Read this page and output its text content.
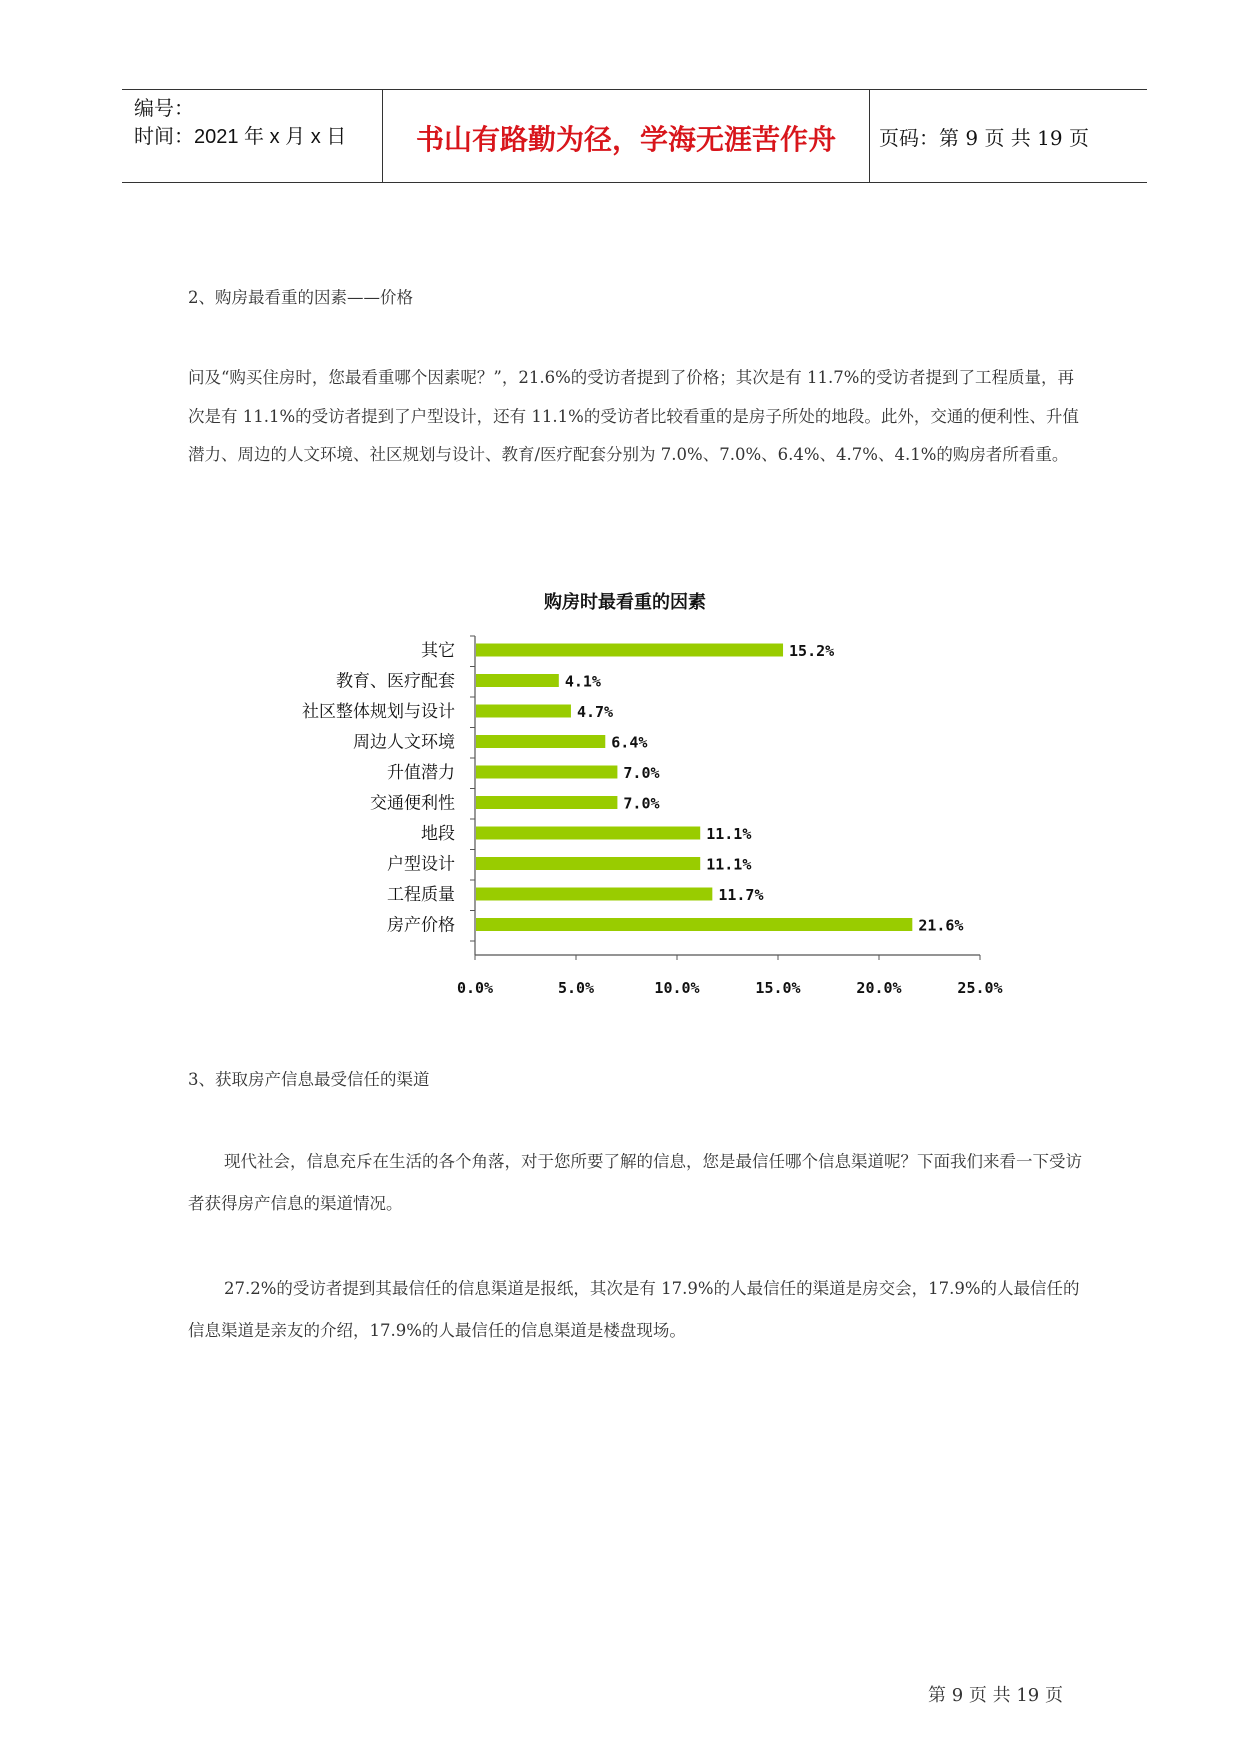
编号：
时间：2021 年 x 月 x 日	书山有路勤为径，学海无涯苦作舟	页码：第 9 页 共 19 页
2、购房最看重的因素——价格
问及“购买住房时，您最看重哪个因素呢？”，21.6%的受访者提到了价格；其次是有 11.7%的受访者提到了工程质量，再次是有 11.1%的受访者提到了户型设计，还有 11.1%的受访者比较看重的是房子所处的地段。此外，交通的便利性、升值潜力、周边的人文环境、社区规划与设计、教育/医疗配套分别为 7.0%、7.0%、6.4%、4.7%、4.1%的购房者所看重。
购房时最看重的因素
0.0%	5.0%	10.0%	15.0%	20.0%	25.0%
其它	15.2%
教育、医疗配套	4.1%
社区整体规划与设计	4.7%
周边人文环境	6.4%
升值潜力	7.0%
交通便利性	7.0%
地段	11.1%
户型设计	11.1%
工程质量	11.7%
房产价格	21.6%
3、获取房产信息最受信任的渠道
现代社会，信息充斥在生活的各个角落，对于您所要了解的信息，您是最信任哪个信息渠道呢？下面我们来看一下受访者获得房产信息的渠道情况。
27.2%的受访者提到其最信任的信息渠道是报纸，其次是有 17.9%的人最信任的渠道是房交会，17.9%的人最信任的信息渠道是亲友的介绍，17.9%的人最信任的信息渠道是楼盘现场。
第 9 页 共 19 页
